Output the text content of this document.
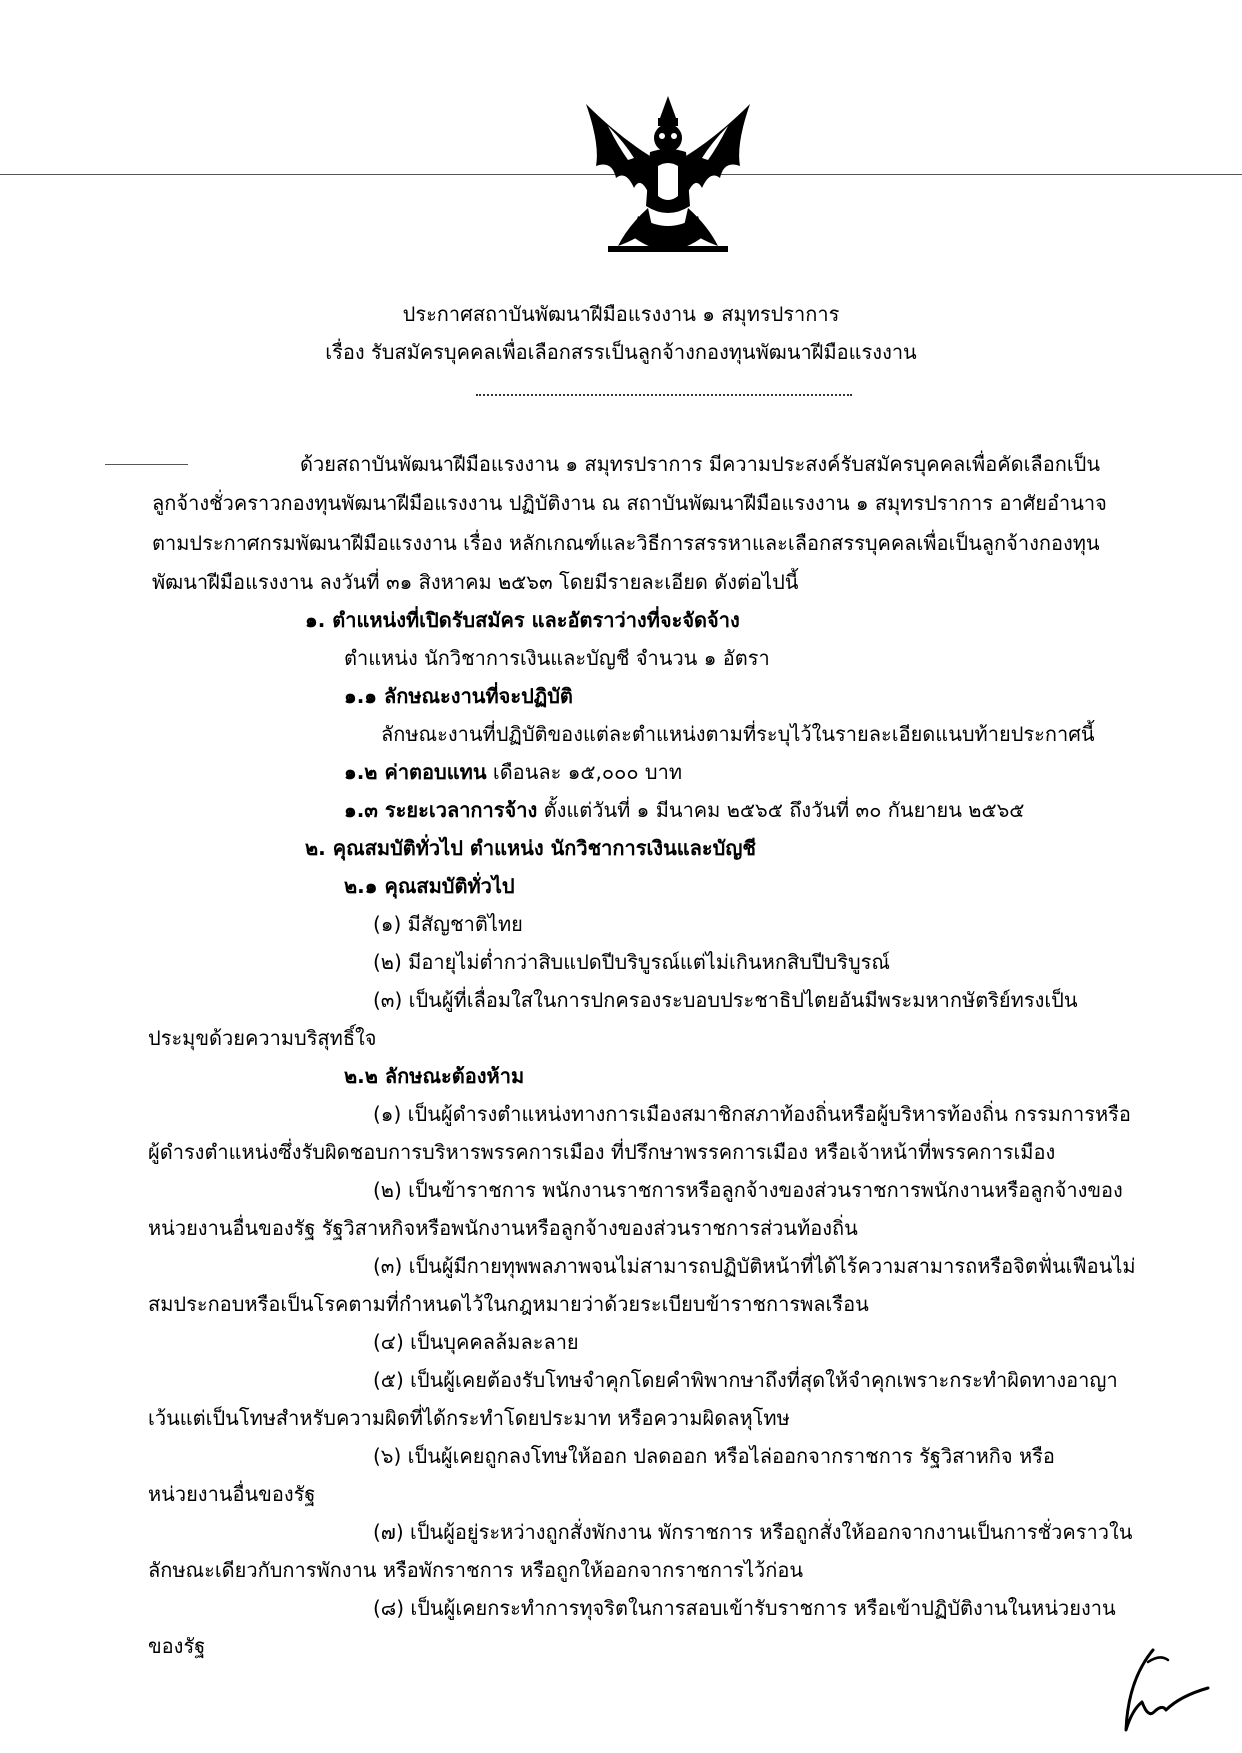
ประกาศสถาบันพัฒนาฝีมือแรงงาน ๑ สมุทรปราการ
เรื่อง รับสมัครบุคคลเพื่อเลือกสรรเป็นลูกจ้างกองทุนพัฒนาฝีมือแรงงาน
ด้วยสถาบันพัฒนาฝีมือแรงงาน ๑ สมุทรปราการ มีความประสงค์รับสมัครบุคคลเพื่อคัดเลือกเป็น
ลูกจ้างชั่วคราวกองทุนพัฒนาฝีมือแรงงาน ปฏิบัติงาน ณ สถาบันพัฒนาฝีมือแรงงาน ๑ สมุทรปราการ อาศัยอำนาจ
ตามประกาศกรมพัฒนาฝีมือแรงงาน เรื่อง หลักเกณฑ์และวิธีการสรรหาและเลือกสรรบุคคลเพื่อเป็นลูกจ้างกองทุน
พัฒนาฝีมือแรงงาน ลงวันที่ ๓๑ สิงหาคม ๒๕๖๓ โดยมีรายละเอียด ดังต่อไปนี้
๑. ตำแหน่งที่เปิดรับสมัคร และอัตราว่างที่จะจัดจ้าง
ตำแหน่ง นักวิชาการเงินและบัญชี จำนวน ๑ อัตรา
๑.๑ ลักษณะงานที่จะปฏิบัติ
ลักษณะงานที่ปฏิบัติของแต่ละตำแหน่งตามที่ระบุไว้ในรายละเอียดแนบท้ายประกาศนี้
๑.๒ ค่าตอบแทน เดือนละ ๑๕,๐๐๐ บาท
๑.๓ ระยะเวลาการจ้าง ตั้งแต่วันที่ ๑ มีนาคม ๒๕๖๕ ถึงวันที่ ๓๐ กันยายน ๒๕๖๕
๒. คุณสมบัติทั่วไป ตำแหน่ง นักวิชาการเงินและบัญชี
๒.๑ คุณสมบัติทั่วไป
(๑) มีสัญชาติไทย
(๒) มีอายุไม่ต่ำกว่าสิบแปดปีบริบูรณ์แต่ไม่เกินหกสิบปีบริบูรณ์
(๓) เป็นผู้ที่เลื่อมใสในการปกครองระบอบประชาธิปไตยอันมีพระมหากษัตริย์ทรงเป็น
ประมุขด้วยความบริสุทธิ์ใจ
๒.๒ ลักษณะต้องห้าม
(๑) เป็นผู้ดำรงตำแหน่งทางการเมืองสมาชิกสภาท้องถิ่นหรือผู้บริหารท้องถิ่น กรรมการหรือ
ผู้ดำรงตำแหน่งซึ่งรับผิดชอบการบริหารพรรคการเมือง ที่ปรึกษาพรรคการเมือง หรือเจ้าหน้าที่พรรคการเมือง
(๒) เป็นข้าราชการ พนักงานราชการหรือลูกจ้างของส่วนราชการพนักงานหรือลูกจ้างของ
หน่วยงานอื่นของรัฐ รัฐวิสาหกิจหรือพนักงานหรือลูกจ้างของส่วนราชการส่วนท้องถิ่น
(๓) เป็นผู้มีกายทุพพลภาพจนไม่สามารถปฏิบัติหน้าที่ได้ไร้ความสามารถหรือจิตฟั่นเฟือนไม่
สมประกอบหรือเป็นโรคตามที่กำหนดไว้ในกฎหมายว่าด้วยระเบียบข้าราชการพลเรือน
(๔) เป็นบุคคลล้มละลาย
(๕) เป็นผู้เคยต้องรับโทษจำคุกโดยคำพิพากษาถึงที่สุดให้จำคุกเพราะกระทำผิดทางอาญา
เว้นแต่เป็นโทษสำหรับความผิดที่ได้กระทำโดยประมาท หรือความผิดลหุโทษ
(๖) เป็นผู้เคยถูกลงโทษให้ออก ปลดออก หรือไล่ออกจากราชการ รัฐวิสาหกิจ หรือ
หน่วยงานอื่นของรัฐ
(๗) เป็นผู้อยู่ระหว่างถูกสั่งพักงาน พักราชการ หรือถูกสั่งให้ออกจากงานเป็นการชั่วคราวใน
ลักษณะเดียวกับการพักงาน หรือพักราชการ หรือถูกให้ออกจากราชการไว้ก่อน
(๘) เป็นผู้เคยกระทำการทุจริตในการสอบเข้ารับราชการ หรือเข้าปฏิบัติงานในหน่วยงาน
ของรัฐ
